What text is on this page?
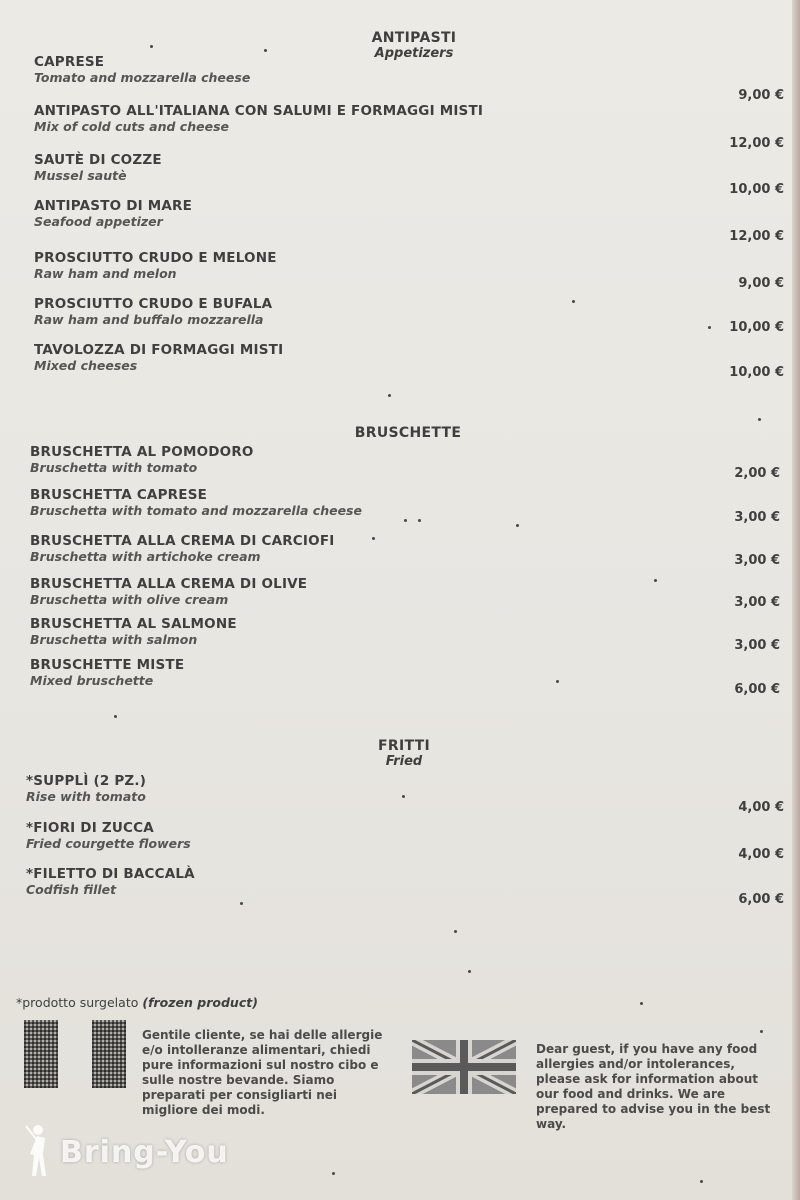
ANTIPASTI
Appetizers
CAPRESE
Tomato and mozzarella cheese
9,00 €
ANTIPASTO ALL'ITALIANA CON SALUMI E FORMAGGI MISTI
Mix of cold cuts and cheese
12,00 €
SAUTÈ DI COZZE
Mussel sautè
10,00 €
ANTIPASTO DI MARE
Seafood appetizer
12,00 €
PROSCIUTTO CRUDO E MELONE
Raw ham and melon
9,00 €
PROSCIUTTO CRUDO E BUFALA
Raw ham and buffalo mozzarella
10,00 €
TAVOLOZZA DI FORMAGGI MISTI
Mixed cheeses	10,00 €
BRUSCHETTE
BRUSCHETTA AL POMODORO
Bruschetta with tomato	2,00 €
BRUSCHETTA CAPRESE
Bruschetta with tomato and mozzarella cheese	3,00 €
BRUSCHETTA ALLA CREMA DI CARCIOFI
Bruschetta with artichoke cream	3,00 €
BRUSCHETTA ALLA CREMA DI OLIVE
Bruschetta with olive cream	3,00 €
BRUSCHETTA AL SALMONE
Bruschetta with salmon	3,00 €
BRUSCHETTE MISTE
Mixed bruschette
6,00 €
FRITTI
Fried
*SUPPLÌ (2 PZ.)
Rise with tomato
4,00 €
*FIORI DI ZUCCA
Fried courgette flowers
4,00 €
*FILETTO DI BACCALÀ
Codfish fillet
6,00 €
*prodotto surgelato (frozen product)
Gentile cliente, se hai delle allergie e/o intolleranze alimentari, chiedi pure informazioni sul nostro cibo e sulle nostre bevande. Siamo preparati per consigliarti nei migliore dei modi.
Dear guest, if you have any food allergies and/or intolerances, please ask for information about our food and drinks. We are prepared to advise you in the best way.
Bring-You
